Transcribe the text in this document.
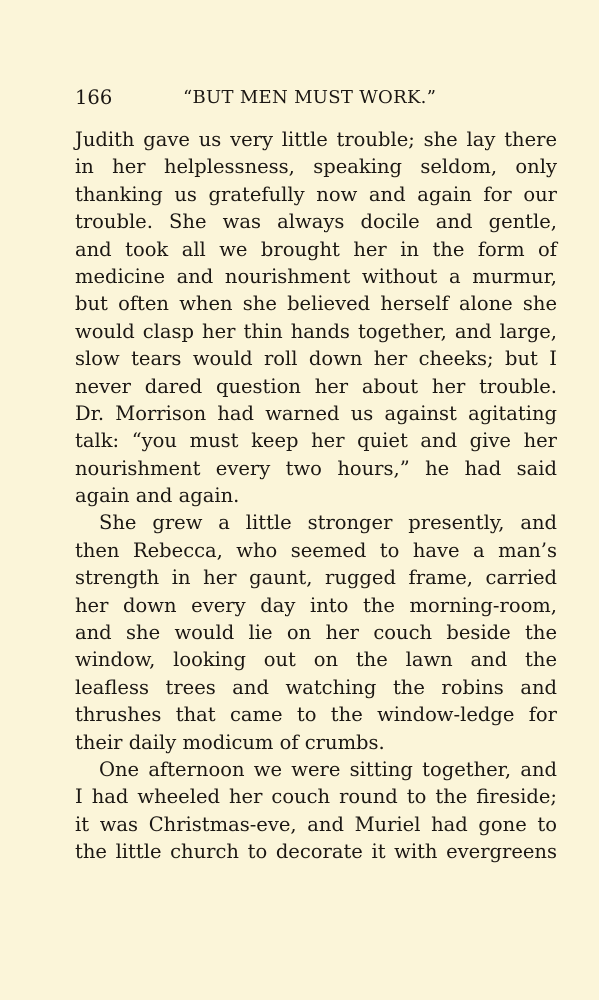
166	“BUT MEN MUST WORK.”
Judith gave us very little trouble; she lay there
in her helplessness, speaking seldom, only
thanking us gratefully now and again for our
trouble. She was always docile and gentle,
and took all we brought her in the form of
medicine and nourishment without a murmur,
but often when she believed herself alone she
would clasp her thin hands together, and large,
slow tears would roll down her cheeks; but I
never dared question her about her trouble.
Dr. Morrison had warned us against agitating
talk: “you must keep her quiet and give her
nourishment every two hours,” he had said
again and again.
She grew a little stronger presently, and
then Rebecca, who seemed to have a man’s
strength in her gaunt, rugged frame, carried
her down every day into the morning-room,
and she would lie on her couch beside the
window, looking out on the lawn and the
leafless trees and watching the robins and
thrushes that came to the window-ledge for
their daily modicum of crumbs.
One afternoon we were sitting together, and
I had wheeled her couch round to the fireside;
it was Christmas-eve, and Muriel had gone to
the little church to decorate it with evergreens
